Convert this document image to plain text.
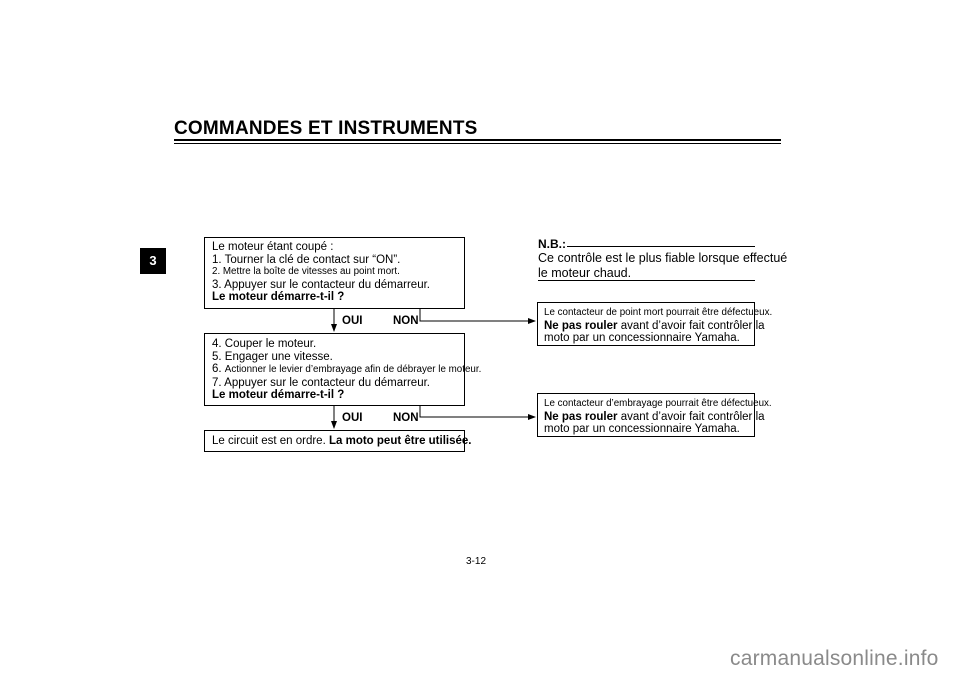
COMMANDES ET INSTRUMENTS
3
Le moteur étant coupé :
1. Tourner la clé de contact sur “ON”.
2. Mettre la boîte de vitesses au point mort.
3. Appuyer sur le contacteur du démarreur.
Le moteur démarre-t-il ?
OUI	NON
4. Couper le moteur.
5. Engager une vitesse.
6. Actionner le levier d’embrayage afin de débrayer le moteur.
7. Appuyer sur le contacteur du démarreur.
Le moteur démarre-t-il ?
OUI	NON
Le circuit est en ordre. La moto peut être utilisée.
N.B.:
Ce contrôle est le plus fiable lorsque effectué
le moteur chaud.
Le contacteur de point mort pourrait être défectueux.
Ne pas rouler avant d’avoir fait contrôler la
moto par un concessionnaire Yamaha.
Le contacteur d’embrayage pourrait être défectueux.
Ne pas rouler avant d’avoir fait contrôler la
moto par un concessionnaire Yamaha.
3-12
carmanualsonline.info
